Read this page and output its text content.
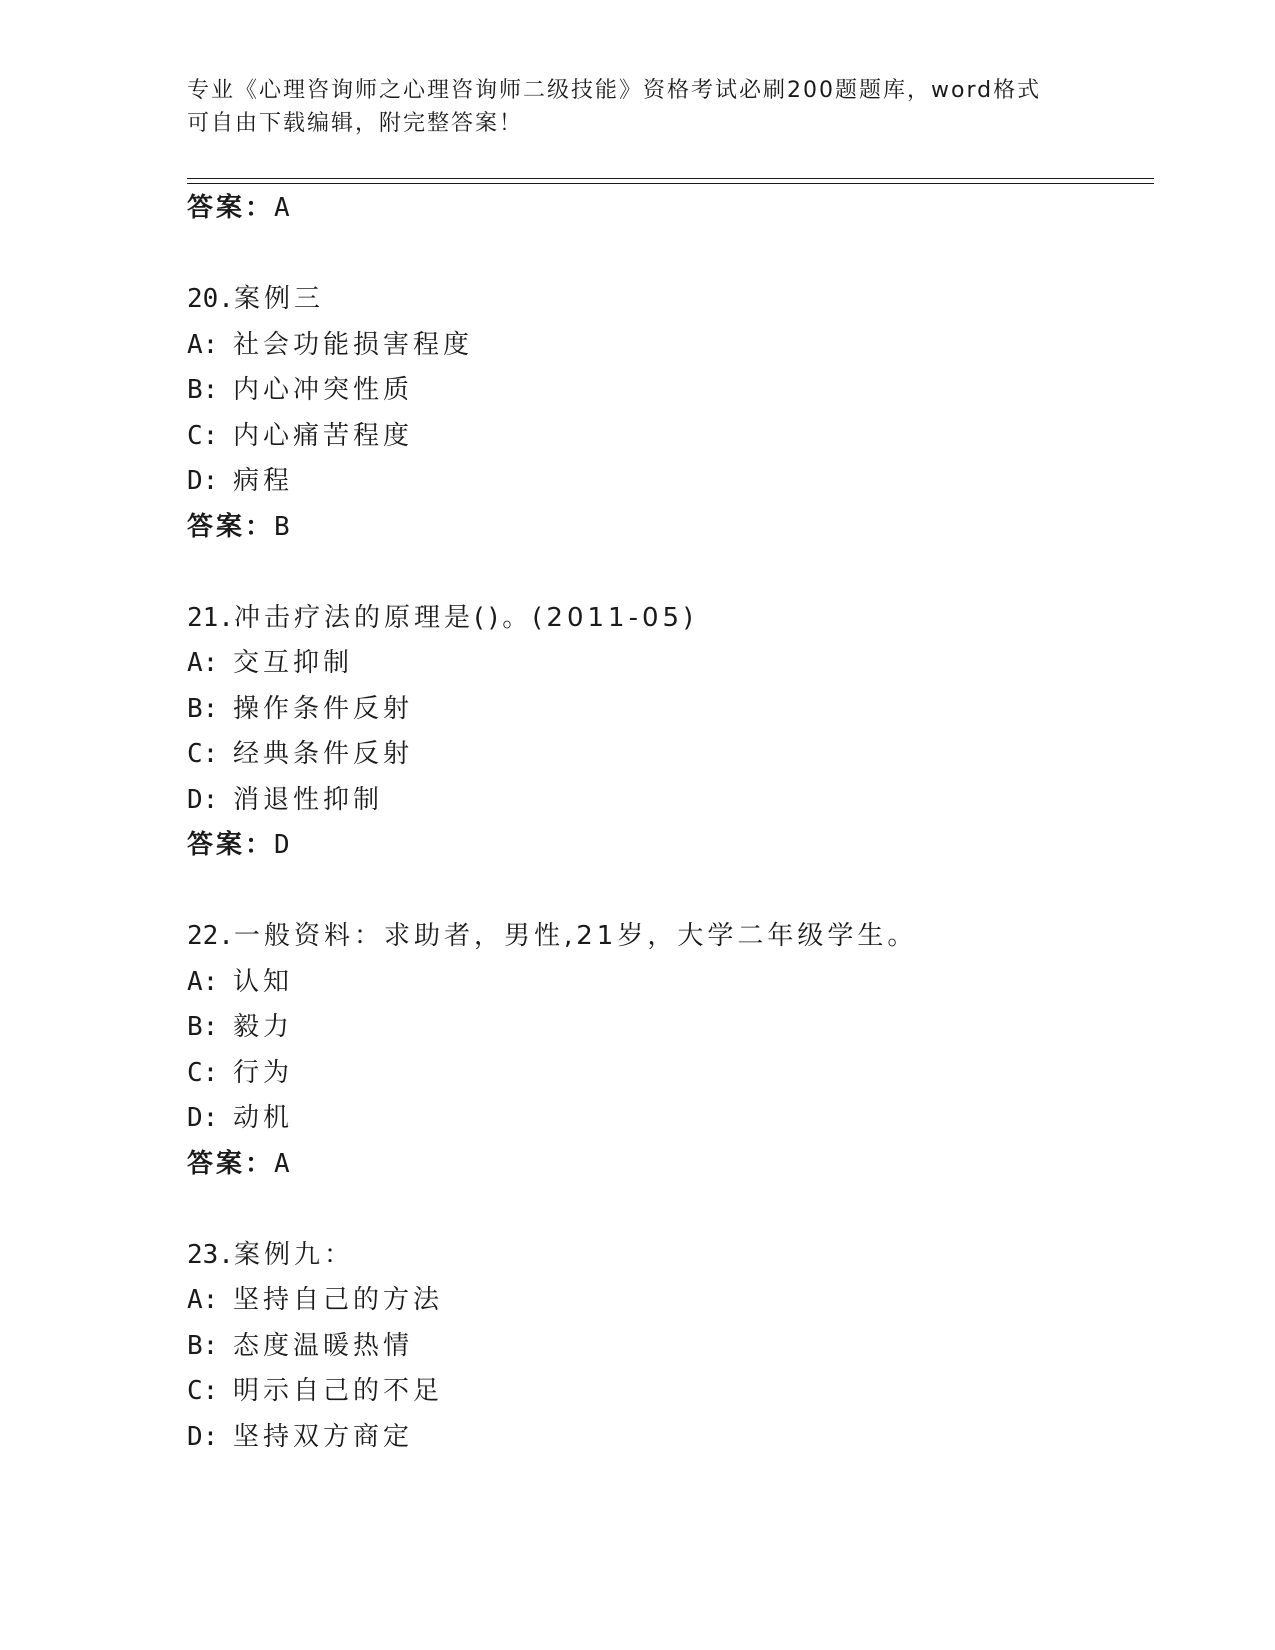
专业《心理咨询师之心理咨询师二级技能》资格考试必刷200题题库，word格式
可自由下载编辑，附完整答案！
答案：A
20.案例三
A: 社会功能损害程度
B: 内心冲突性质
C: 内心痛苦程度
D: 病程
答案：B
21.冲击疗法的原理是()。(2011-05)
A: 交互抑制
B: 操作条件反射
C: 经典条件反射
D: 消退性抑制
答案：D
22.一般资料：求助者，男性,21岁，大学二年级学生。
A: 认知
B: 毅力
C: 行为
D: 动机
答案：A
23.案例九：
A: 坚持自己的方法
B: 态度温暖热情
C: 明示自己的不足
D: 坚持双方商定
